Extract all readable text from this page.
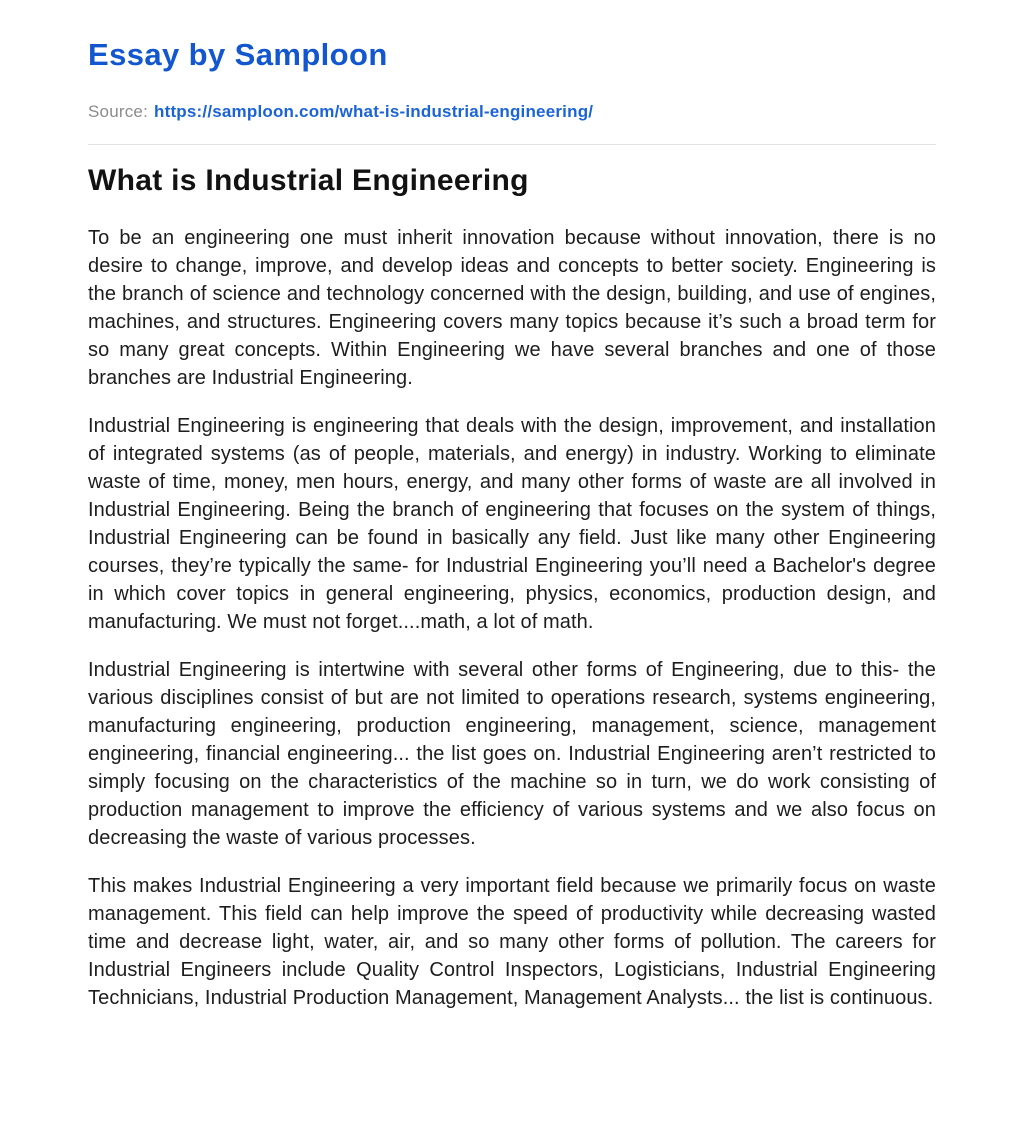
Essay by Samploon
Source: https://samploon.com/what-is-industrial-engineering/
What is Industrial Engineering

To be an engineering one must inherit innovation because without innovation, there is no desire to change, improve, and develop ideas and concepts to better society. Engineering is the branch of science and technology concerned with the design, building, and use of engines, machines, and structures. Engineering covers many topics because it’s such a broad term for so many great concepts. Within Engineering we have several branches and one of those branches are Industrial Engineering.

Industrial Engineering is engineering that deals with the design, improvement, and installation of integrated systems (as of people, materials, and energy) in industry. Working to eliminate waste of time, money, men hours, energy, and many other forms of waste are all involved in Industrial Engineering. Being the branch of engineering that focuses on the system of things, Industrial Engineering can be found in basically any field. Just like many other Engineering courses, they’re typically the same- for Industrial Engineering you’ll need a Bachelor's degree in which cover topics in general engineering, physics, economics, production design, and manufacturing. We must not forget....math, a lot of math.

Industrial Engineering is intertwine with several other forms of Engineering, due to this- the various disciplines consist of but are not limited to operations research, systems engineering, manufacturing engineering, production engineering, management, science, management engineering, financial engineering... the list goes on. Industrial Engineering aren’t restricted to simply focusing on the characteristics of the machine so in turn, we do work consisting of production management to improve the efficiency of various systems and we also focus on decreasing the waste of various processes.

This makes Industrial Engineering a very important field because we primarily focus on waste management. This field can help improve the speed of productivity while decreasing wasted time and decrease light, water, air, and so many other forms of pollution. The careers for Industrial Engineers include Quality Control Inspectors, Logisticians, Industrial Engineering Technicians, Industrial Production Management, Management Analysts... the list is continuous.
